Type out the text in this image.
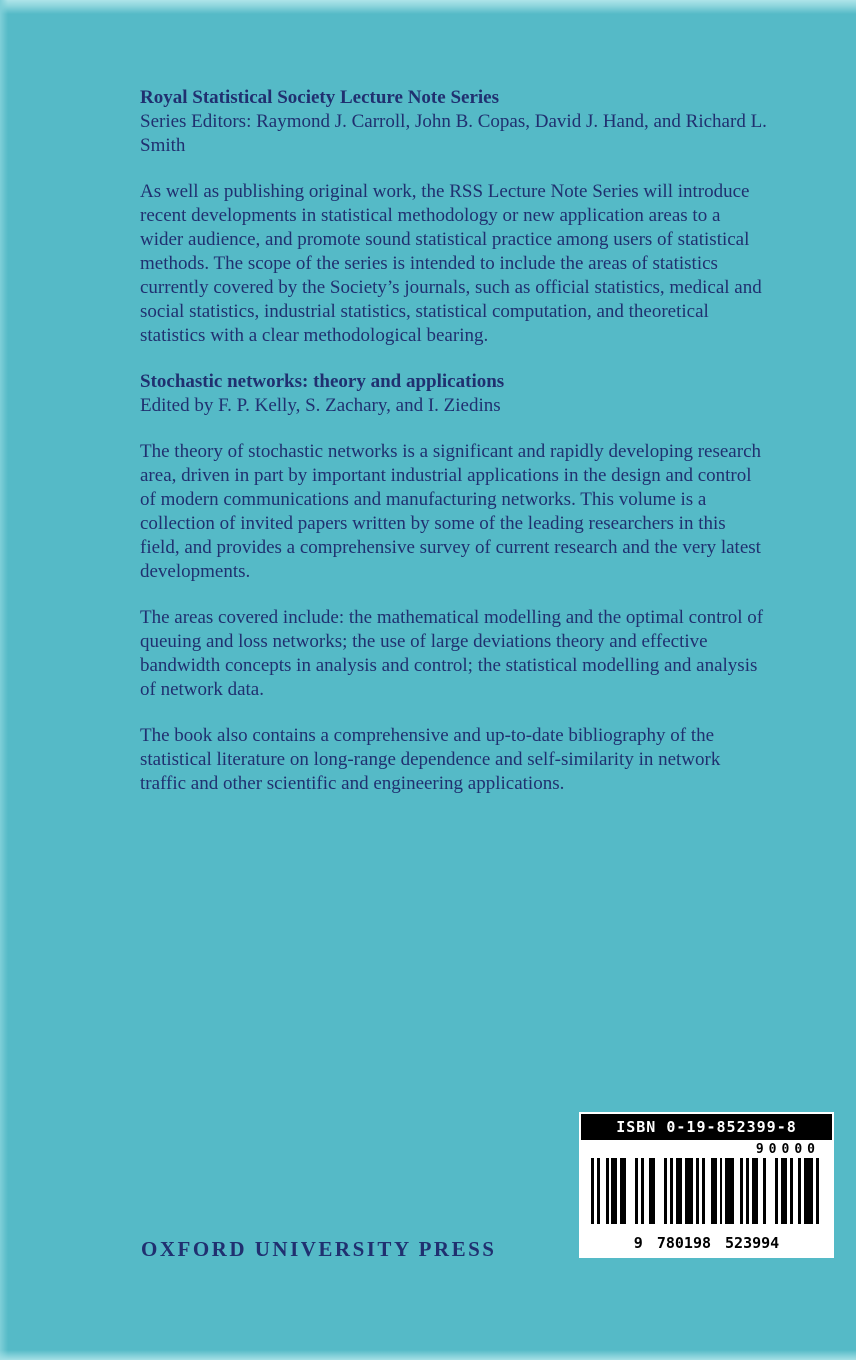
Royal Statistical Society Lecture Note Series

Series Editors: Raymond J. Carroll, John B. Copas, David J. Hand, and Richard L. Smith

As well as publishing original work, the RSS Lecture Note Series will introduce recent developments in statistical methodology or new application areas to a wider audience, and promote sound statistical practice among users of statistical methods. The scope of the series is intended to include the areas of statistics currently covered by the Society’s journals, such as official statistics, medical and social statistics, industrial statistics, statistical computation, and theoretical statistics with a clear methodological bearing.

Stochastic networks: theory and applications

Edited by F. P. Kelly, S. Zachary, and I. Ziedins

The theory of stochastic networks is a significant and rapidly developing research area, driven in part by important industrial applications in the design and control of modern communications and manufacturing networks. This volume is a collection of invited papers written by some of the leading researchers in this field, and provides a comprehensive survey of current research and the very latest developments.

The areas covered include: the mathematical modelling and the optimal control of queuing and loss networks; the use of large deviations theory and effective bandwidth concepts in analysis and control; the statistical modelling and analysis of network data.

The book also contains a comprehensive and up-to-date bibliography of the statistical literature on long-range dependence and self-similarity in network traffic and other scientific and engineering applications.

OXFORD UNIVERSITY PRESS
ISBN 0-19-852399-8
90000
9 780198 523994
